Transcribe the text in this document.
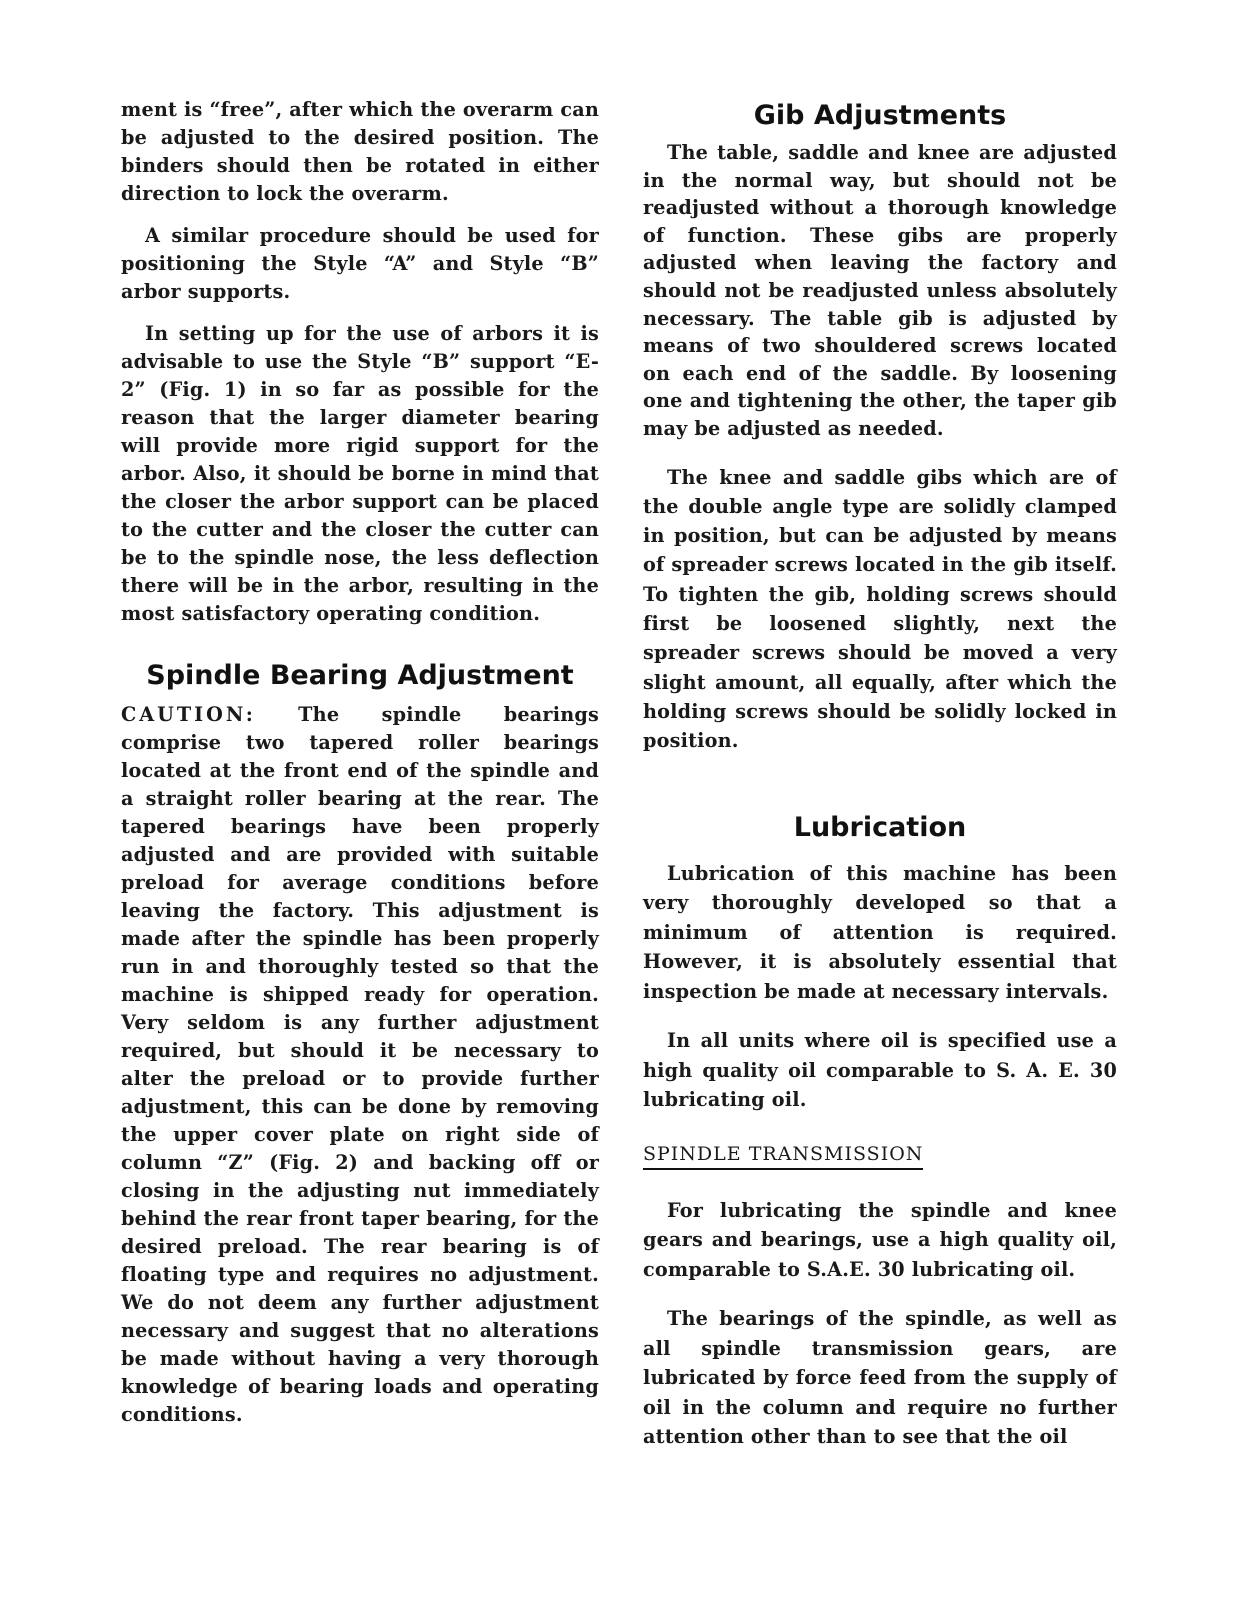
ment is “free”, after which the overarm can be adjusted to the desired position. The binders should then be rotated in either direction to lock the overarm.

A similar procedure should be used for positioning the Style “A” and Style “B” arbor supports.

In setting up for the use of arbors it is advisable to use the Style “B” support “E-2” (Fig. 1) in so far as possible for the reason that the larger diameter bearing will provide more rigid support for the arbor. Also, it should be borne in mind that the closer the arbor support can be placed to the cutter and the closer the cutter can be to the spindle nose, the less deflection there will be in the arbor, resulting in the most satisfactory operating condition.

Spindle Bearing Adjustment

CAUTION: The spindle bearings comprise two tapered roller bearings located at the front end of the spindle and a straight roller bearing at the rear. The tapered bearings have been properly adjusted and are provided with suitable preload for average conditions before leaving the factory. This adjustment is made after the spindle has been properly run in and thoroughly tested so that the machine is shipped ready for operation. Very seldom is any further adjustment required, but should it be necessary to alter the preload or to provide further adjustment, this can be done by removing the upper cover plate on right side of column “Z” (Fig. 2) and backing off or closing in the adjusting nut immediately behind the rear front taper bearing, for the desired preload. The rear bearing is of floating type and requires no adjustment. We do not deem any further adjustment necessary and suggest that no alterations be made without having a very thorough knowledge of bearing loads and operating conditions.

Gib Adjustments

The table, saddle and knee are adjusted in the normal way, but should not be readjusted without a thorough knowledge of function. These gibs are properly adjusted when leaving the factory and should not be readjusted unless absolutely necessary. The table gib is adjusted by means of two shouldered screws located on each end of the saddle. By loosening one and tightening the other, the taper gib may be adjusted as needed.

The knee and saddle gibs which are of the double angle type are solidly clamped in position, but can be adjusted by means of spreader screws located in the gib itself. To tighten the gib, holding screws should first be loosened slightly, next the spreader screws should be moved a very slight amount, all equally, after which the holding screws should be solidly locked in position.

Lubrication

Lubrication of this machine has been very thoroughly developed so that a minimum of attention is required. However, it is absolutely essential that inspection be made at necessary intervals.

In all units where oil is specified use a high quality oil comparable to S. A. E. 30 lubricating oil.

SPINDLE TRANSMISSION

For lubricating the spindle and knee gears and bearings, use a high quality oil, comparable to S.A.E. 30 lubricating oil.

The bearings of the spindle, as well as all spindle transmission gears, are lubricated by force feed from the supply of oil in the column and require no further attention other than to see that the oil
